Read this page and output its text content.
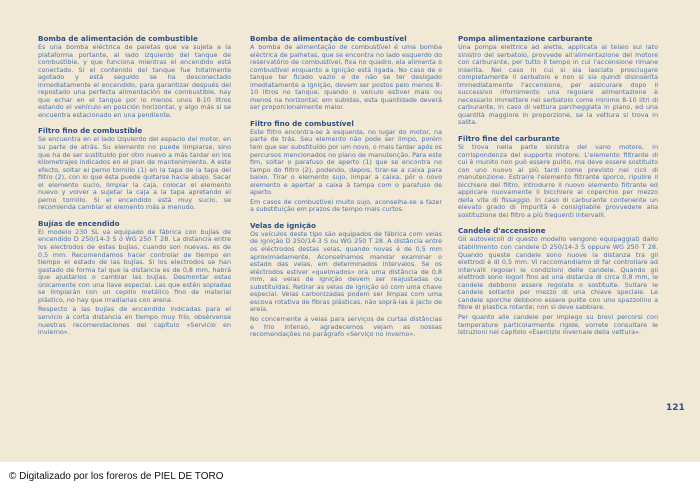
Bomba de alimentación de combustible

Es una bomba eléctrica de paletas que va sujeta a la plataforma portante, al lado izquierdo del tanque de combustible, y que funciona mientras el encendido está conectado. Si el contenido del tanque fue totalmente agotado y está seguido se ha desconectado inmediatamente el encendido, para garantizar después del repostado una perfecta alimentación de combustible, hay que echar en el tanque por lo menos unos 8-10 litros estando el vehículo en posición horizontal, y algo más si se encuentra estacionado en una pendiente.

Filtro fino de combustible

Se encuentra en el lado izquierdo del espacio del motor, en su parte de atrás. Su elemento no puede limpiarse, sino que ha de ser sustituido por otro nuevo a más tardar en los kilometrajes indicados en el plan de mantenimiento. A este efecto, soltar el perno tornillo (1) en la tapa de la tapa del filtro (2), con lo que ésta puede quitarse hacia abajo. Sacar el elemento sucio, limpiar la caja, colocar el elemento nuevo y volver a sujetar la caja a la tapa apretando el perno tornillo. Si el encendido está muy sucio, se recomienda cambiar el elemento más a menudo.

Bujías de encendido

El modelo 230 SL va equipado de fábrica con bujías de encendido D 250/14-3 S ó WG 250 T 28. La distancia entre los electrodos de estas bujías, cuando son nuevas, es de 0,5 mm. Recomendamos hacer controlar de tiempo en tiempo el estado de las bujías. Si los electrodos se han gastado de forma tal que la distancia es de 0,8 mm, habrá que ajustarlos o cambiar las bujías. Desmontar estas únicamente con una llave especial. Las que estén sopladas se limpiarán con un cepillo metálico fino de material plástico, no hay que irradiarlas con arena.

Respecto a las bujías de encendido indicadas para el servicio a corta distancia en tiempo muy frío, obsérvense nuestras recomendaciones del capítulo «Servicio en invierno».

Bomba de alimentação de combustível

A bomba de alimentação de combustível é uma bomba eléctrica de palhetas, que se encontra no lado esquerdo do reservatório de combustível, fixa no quadro, ela alimenta o combustível enquanto a ignição está ligada. No caso de o tanque ter ficado vazio e de não se ter desligado imediatamente a ignição, devem ser postos pelo menos 8-10 litros no tanque, quando o veículo estiver mais ou menos na horizontal; em subidas, esta quantidade deverá ser proporcionalmente maior.

Filtro fino de combustível

Este filtro encontra-se à esquerda, no lugar do motor, na parte de trás. Seu elemento não pode ser limpo, porém tem que ser substituído por um novo, o mais tardar após os percursos mencionados no plano de manutenção. Para este fim, soltar o parafuso de aperto (1) que se encontra no tampo do filtro (2), podendo, depois, tirar-se a caixa para baixo. Tirar o elemento sujo, limpar a caixa, pôr o novo elemento e apertar a caixa à tampa com o parafuso de aperto.

Em casos de combustível muito sujo, aconselha-se a fazer a substituição em prazos de tempo mais curtos.

Velas de ignição

Os veículos deste tipo são equipados de fábrica com velas de ignição D 250/14-3 S ou WG 250 T 28. A distância entre os eléctrodos destas velas, quando novas é de 0,5 mm aproximadamente. Aconselhamos mandar examinar o estado das velas, em determinados intervalos. Se os eléctrodos estiver «queimados» ora uma distância de 0,8 mm, as velas de ignição devem ser reajustadas ou substituídas. Retirar as velas de ignição só com uma chave especial. Velas carbonizadas podem ser limpas com uma escova rotativa de fibras plásticas, não soprá-las à jacto de areia.

No concernente a velas para serviços de curtas distâncias e frio intenso, agradecemos vejam as nossas recomendações no parágrafo «Serviço no inverno».

Pompa alimentazione carburante

Una pompa elettrica ad alette, applicata al telaio sul lato sinistro del serbatoio, provvede all'alimentazione del motore con carburante, per tutto il tempo in cui l'accensione rimane inserita. Nel caso in cui si sia lasciato prosciugare completamente il serbatoio e non si sia quindi disinserita immediatamente l'accensione, per assicurare dopo il successivo rifornimento una regolare alimentazione è necessario immettere nel serbatoio come minimo 8-10 litri di carburante, in caso di vettura parcheggiata in piano, ed una quantità maggiore in proporzione, se la vettura si trova in salita.

Filtro fine del carburante

Si trova nella parte sinistra del vano motore, in corrispondenza del supporto motore. L'elemento filtrante di cui è munito non può essere pulito, ma deve essere sostituito con uno nuovo al più tardi come previsto nei cicli di manutenzione. Estrarre l'elemento filtrante sporco, ripulire il bicchiere del filtro, introdurre il nuovo elemento filtrante ed applicare nuovamente il bicchiere al coperchio per mezzo della vite di fissaggio. In caso di carburante contenente un elevato grado di impurità è consigliabile provvedere alla sostituzione del filtro a più frequenti intervalli.

Candele d'accensione

Gli autoveicoli di questo modello vengono equipaggiati dallo stabilimento con candele D 250/14-3 S oppure WG 250 T 28. Quando queste candele sono nuove la distanza tra gli elettrodi è di 0,5 mm. Vi raccomandiamo di far controllare ad intervalli regolari le condizioni delle candele. Quando gli elettrodi sono logori fino ad una distanza di circa 0,8 mm, le candele debbono essere regolate o sostituite. Svitare le candele soltanto per mezzo di una chiave speciale. Le candele sporche debbono essere pulite con uno spazzolino a fibre di plastica rotante; non si deve sabbiare.

Per quanto alle candele per impiego su brevi percorsi con temperature particolarmente rigide, vorrete consultare le istruzioni nel capitolo «Esercizio invernale della vettura».

121
© Digitalizado por los foreros de PIEL DE TORO
